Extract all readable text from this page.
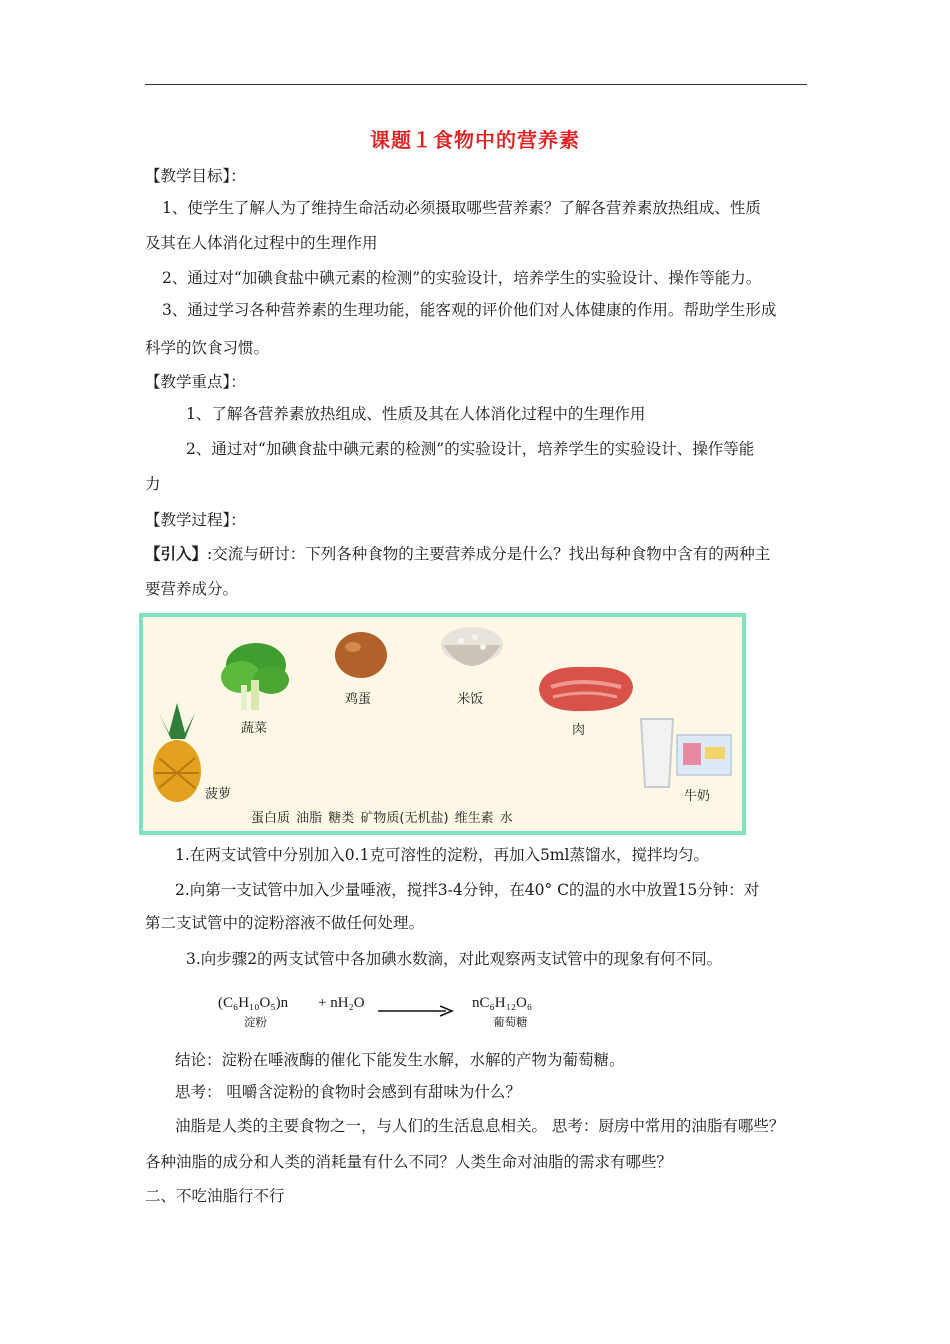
课题１食物中的营养素
【教学目标】：
1、使学生了解人为了维持生命活动必须摄取哪些营养素？了解各营养素放热组成、性质
及其在人体消化过程中的生理作用
2、通过对“加碘食盐中碘元素的检测”的实验设计，培养学生的实验设计、操作等能力。
3、通过学习各种营养素的生理功能，能客观的评价他们对人体健康的作用。帮助学生形成
科学的饮食习惯。
【教学重点】：
1、了解各营养素放热组成、性质及其在人体消化过程中的生理作用
2、通过对“加碘食盐中碘元素的检测”的实验设计，培养学生的实验设计、操作等能
力
【教学过程】：
【引入】:交流与研讨：下列各种食物的主要营养成分是什么？找出每种食物中含有的两种主
要营养成分。
蔬菜
鸡蛋	米饭
肉
菠萝	牛奶
蛋白质 油脂 糖类 矿物质(无机盐) 维生素 水
1.在两支试管中分别加入0.1克可溶性的淀粉，再加入5ml蒸馏水，搅拌均匀。
2.向第一支试管中加入少量唾液，搅拌3-4分钟，在40° C的温的水中放置15分钟：对
第二支试管中的淀粉溶液不做任何处理。
3.向步骤2的两支试管中各加碘水数滴，对此观察两支试管中的现象有何不同。
(C₆H₁₀O₅)n + nH₂O	nC₆H₁₂O₆
淀粉	葡萄糖
结论：淀粉在唾液酶的催化下能发生水解，水解的产物为葡萄糖。
思考： 咀嚼含淀粉的食物时会感到有甜味为什么？
油脂是人类的主要食物之一，与人们的生活息息相关。 思考：厨房中常用的油脂有哪些？
各种油脂的成分和人类的消耗量有什么不同？人类生命对油脂的需求有哪些？
二、不吃油脂行不行
